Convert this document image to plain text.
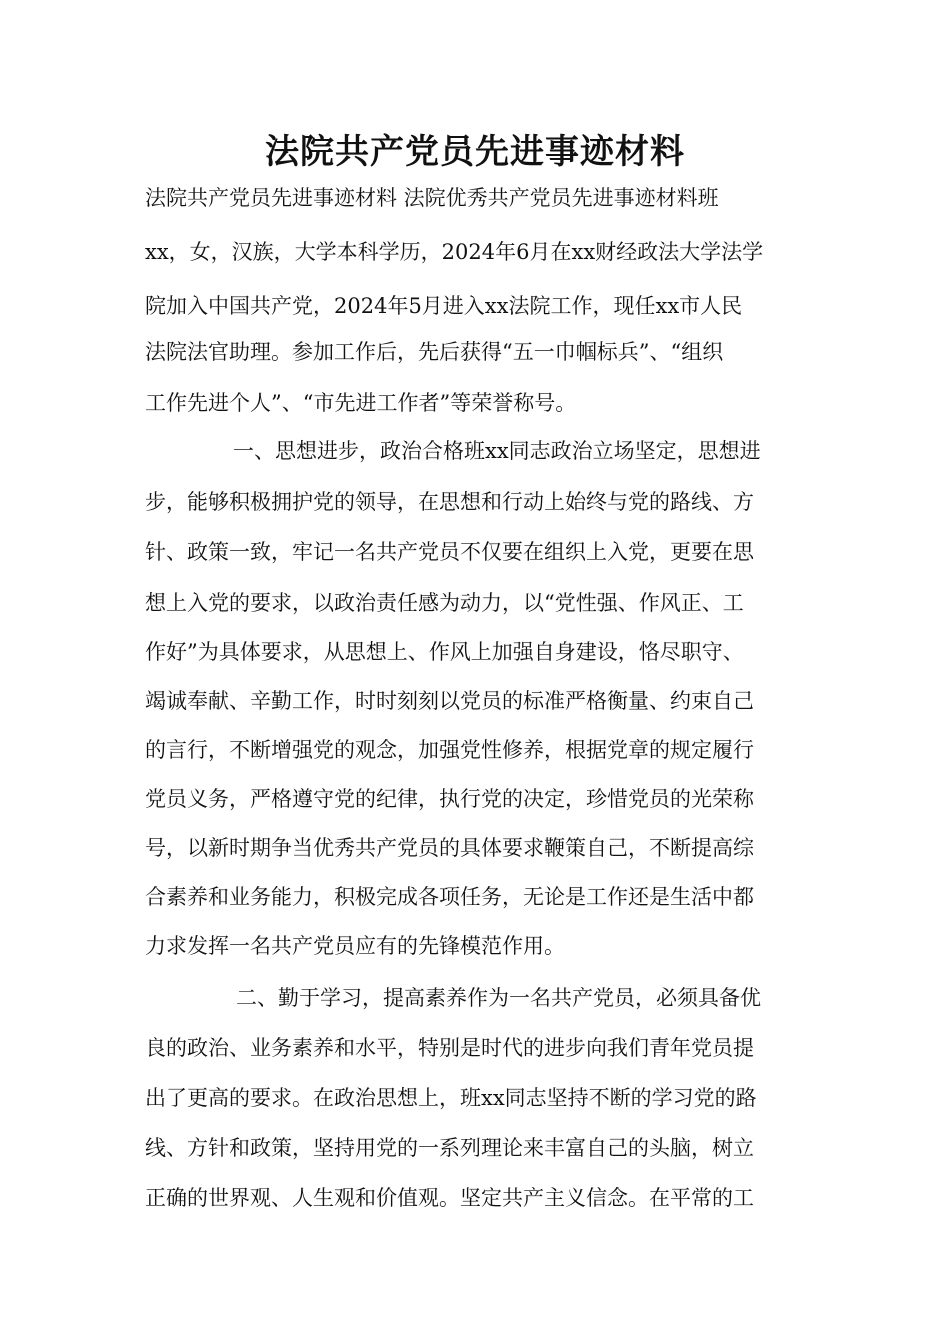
法院共产党员先进事迹材料

法院共产党员先进事迹材料 法院优秀共产党员先进事迹材料班

xx，女，汉族，大学本科学历，2024年6月在xx财经政法大学法学

院加入中国共产党，2024年5月进入xx法院工作，现任xx市人民

法院法官助理。参加工作后，先后获得“五一巾帼标兵”、“组织

工作先进个人”、“市先进工作者”等荣誉称号。

一、思想进步，政治合格班xx同志政治立场坚定，思想进

步，能够积极拥护党的领导，在思想和行动上始终与党的路线、方

针、政策一致，牢记一名共产党员不仅要在组织上入党，更要在思

想上入党的要求，以政治责任感为动力，以“党性强、作风正、工

作好”为具体要求，从思想上、作风上加强自身建设，恪尽职守、

竭诚奉献、辛勤工作，时时刻刻以党员的标准严格衡量、约束自己

的言行，不断增强党的观念，加强党性修养，根据党章的规定履行

党员义务，严格遵守党的纪律，执行党的决定，珍惜党员的光荣称

号，以新时期争当优秀共产党员的具体要求鞭策自己，不断提高综

合素养和业务能力，积极完成各项任务，无论是工作还是生活中都

力求发挥一名共产党员应有的先锋模范作用。

二、勤于学习，提高素养作为一名共产党员，必须具备优

良的政治、业务素养和水平，特别是时代的进步向我们青年党员提

出了更高的要求。在政治思想上，班xx同志坚持不断的学习党的路

线、方针和政策，坚持用党的一系列理论来丰富自己的头脑，树立

正确的世界观、人生观和价值观。坚定共产主义信念。在平常的工
